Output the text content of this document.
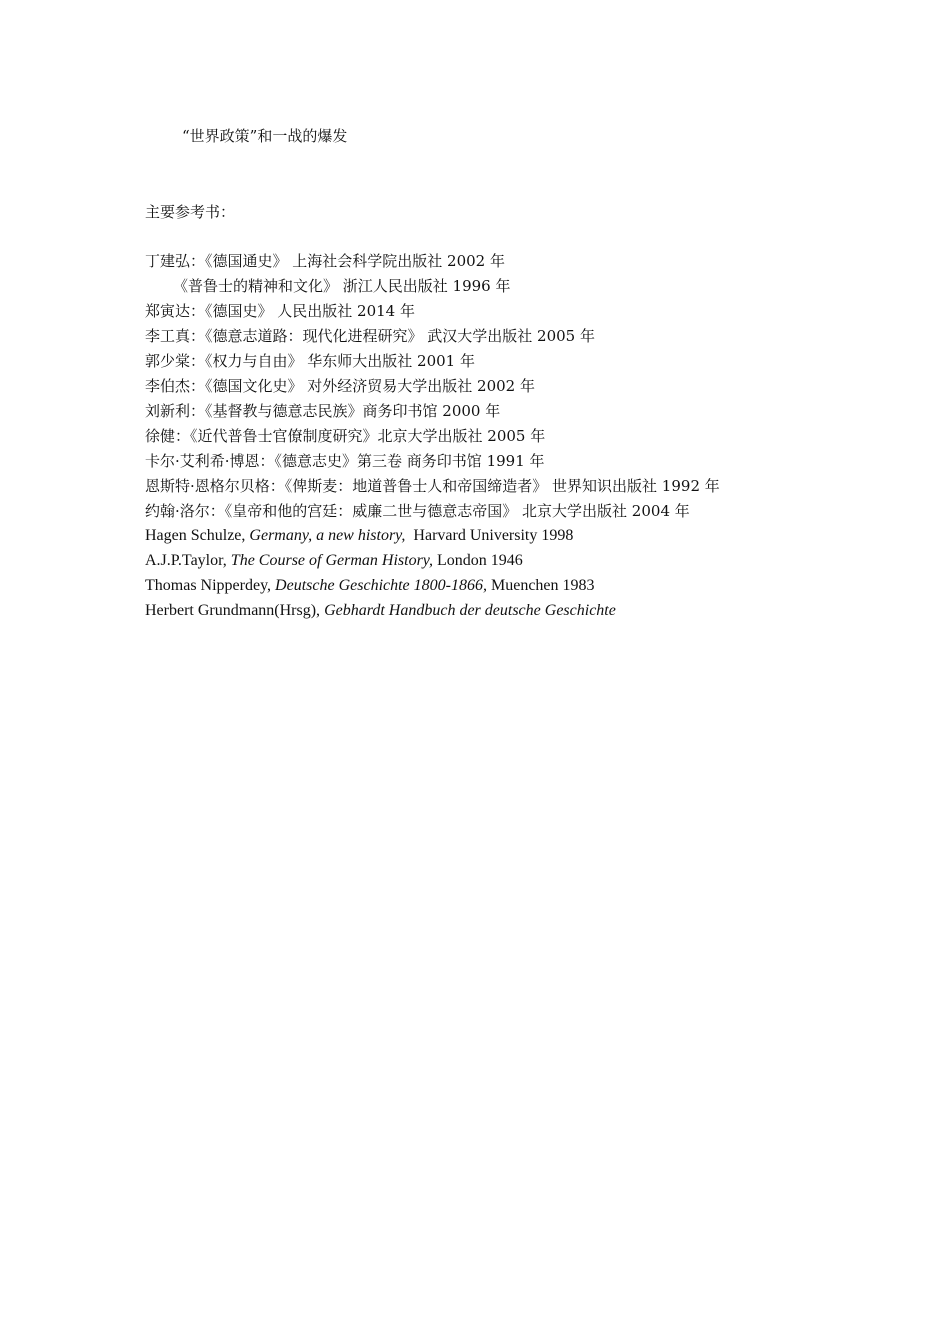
“世界政策”和一战的爆发
主要参考书：
丁建弘：《德国通史》 上海社会科学院出版社 2002 年
《普鲁士的精神和文化》 浙江人民出版社 1996 年
郑寅达：《德国史》 人民出版社 2014 年
李工真：《德意志道路：现代化进程研究》 武汉大学出版社 2005 年
郭少棠：《权力与自由》 华东师大出版社 2001 年
李伯杰：《德国文化史》 对外经济贸易大学出版社 2002 年
刘新利：《基督教与德意志民族》商务印书馆 2000 年
徐健：《近代普鲁士官僚制度研究》北京大学出版社 2005 年
卡尔·艾利希·博恩：《德意志史》第三卷 商务印书馆 1991 年
恩斯特·恩格尔贝格：《俾斯麦：地道普鲁士人和帝国缔造者》 世界知识出版社 1992 年
约翰·洛尔：《皇帝和他的宫廷：威廉二世与德意志帝国》 北京大学出版社 2004 年
Hagen Schulze, Germany, a new history,  Harvard University 1998
A.J.P.Taylor, The Course of German History, London 1946
Thomas Nipperdey, Deutsche Geschichte 1800-1866, Muenchen 1983
Herbert Grundmann(Hrsg), Gebhardt Handbuch der deutsche Geschichte
